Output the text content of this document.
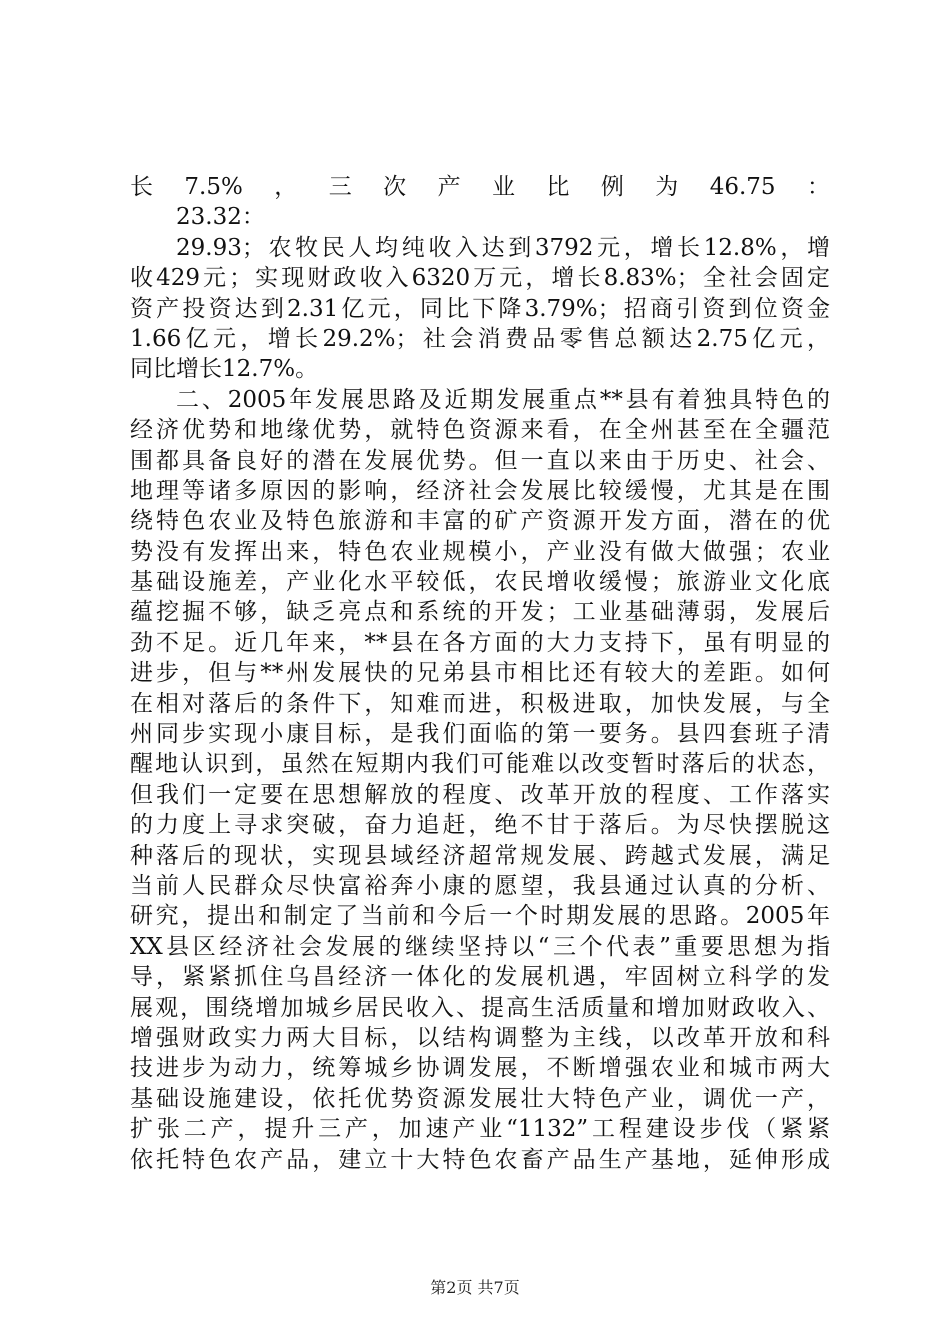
长7.5%，三次产业比例为46.75：
23.32：
29.93；农牧民人均纯收入达到3792元，增长12.8%，增
收429元；实现财政收入6320万元，增长8.83%；全社会固定
资产投资达到2.31亿元，同比下降3.79%；招商引资到位资金
1.66亿元，增长29.2%；社会消费品零售总额达2.75亿元，
同比增长12.7%。
二、2005年发展思路及近期发展重点**县有着独具特色的
经济优势和地缘优势，就特色资源来看，在全州甚至在全疆范
围都具备良好的潜在发展优势。但一直以来由于历史、社会、
地理等诸多原因的影响，经济社会发展比较缓慢，尤其是在围
绕特色农业及特色旅游和丰富的矿产资源开发方面，潜在的优
势没有发挥出来，特色农业规模小，产业没有做大做强；农业
基础设施差，产业化水平较低，农民增收缓慢；旅游业文化底
蕴挖掘不够，缺乏亮点和系统的开发；工业基础薄弱，发展后
劲不足。近几年来，**县在各方面的大力支持下，虽有明显的
进步，但与**州发展快的兄弟县市相比还有较大的差距。如何
在相对落后的条件下，知难而进，积极进取，加快发展，与全
州同步实现小康目标，是我们面临的第一要务。县四套班子清
醒地认识到，虽然在短期内我们可能难以改变暂时落后的状态，
但我们一定要在思想解放的程度、改革开放的程度、工作落实
的力度上寻求突破，奋力追赶，绝不甘于落后。为尽快摆脱这
种落后的现状，实现县域经济超常规发展、跨越式发展，满足
当前人民群众尽快富裕奔小康的愿望，我县通过认真的分析、
研究，提出和制定了当前和今后一个时期发展的思路。2005年
XX县区经济社会发展的继续坚持以“三个代表”重要思想为指
导，紧紧抓住乌昌经济一体化的发展机遇，牢固树立科学的发
展观，围绕增加城乡居民收入、提高生活质量和增加财政收入、
增强财政实力两大目标，以结构调整为主线，以改革开放和科
技进步为动力，统筹城乡协调发展，不断增强农业和城市两大
基础设施建设，依托优势资源发展壮大特色产业，调优一产，
扩张二产，提升三产，加速产业“1132”工程建设步伐（紧紧
依托特色农产品，建立十大特色农畜产品生产基地，延伸形成
第2页 共7页
